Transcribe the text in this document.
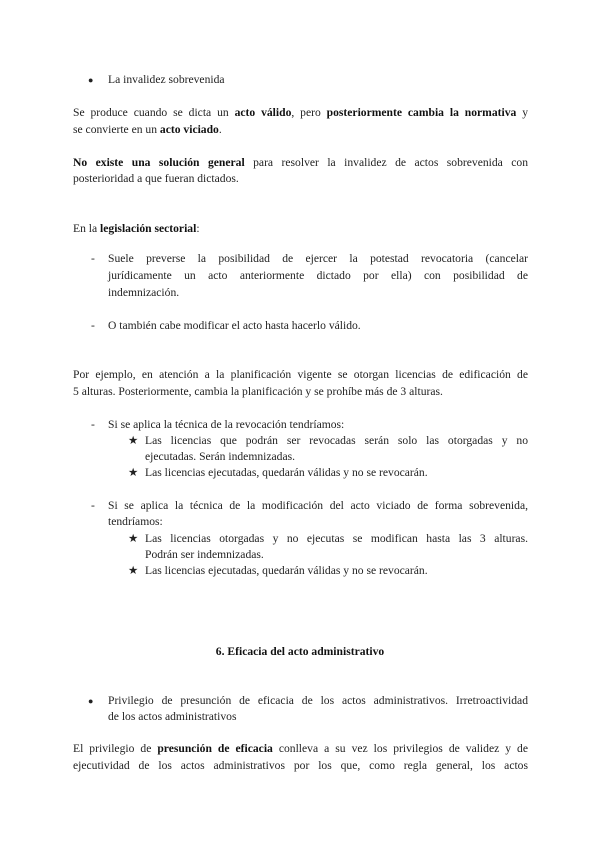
● La invalidez sobrevenida
Se produce cuando se dicta un acto válido, pero posteriormente cambia la normativa y
se convierte en un acto viciado.
No existe una solución general para resolver la invalidez de actos sobrevenida con
posterioridad a que fueran dictados.
En la legislación sectorial:
- Suele preverse la posibilidad de ejercer la potestad revocatoria (cancelar
jurídicamente un acto anteriormente dictado por ella) con posibilidad de
indemnización.
- O también cabe modificar el acto hasta hacerlo válido.
Por ejemplo, en atención a la planificación vigente se otorgan licencias de edificación de
5 alturas. Posteriormente, cambia la planificación y se prohíbe más de 3 alturas.
- Si se aplica la técnica de la revocación tendríamos:
★ Las licencias que podrán ser revocadas serán solo las otorgadas y no
ejecutadas. Serán indemnizadas.
★ Las licencias ejecutadas, quedarán válidas y no se revocarán.
- Si se aplica la técnica de la modificación del acto viciado de forma sobrevenida,
tendríamos:
★ Las licencias otorgadas y no ejecutas se modifican hasta las 3 alturas.
Podrán ser indemnizadas.
★ Las licencias ejecutadas, quedarán válidas y no se revocarán.
6. Eficacia del acto administrativo
● Privilegio de presunción de eficacia de los actos administrativos. Irretroactividad
de los actos administrativos
El privilegio de presunción de eficacia conlleva a su vez los privilegios de validez y de
ejecutividad de los actos administrativos por los que, como regla general, los actos
